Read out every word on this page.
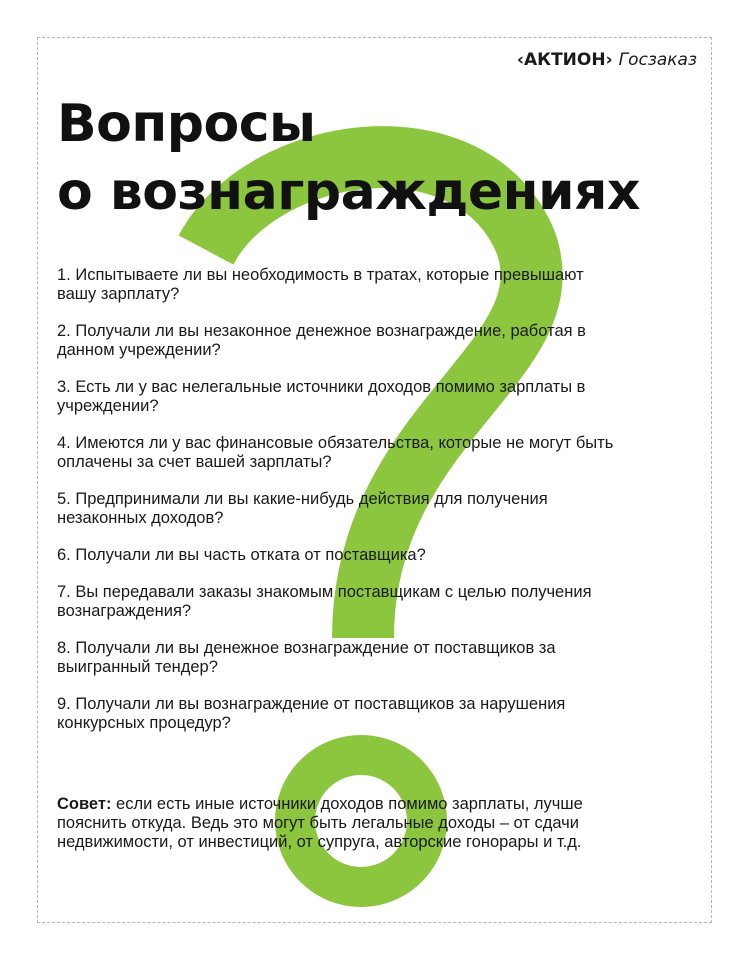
‹АКТИОН› Госзаказ
Вопросы
о вознаграждениях
1. Испытываете ли вы необходимость в тратах, которые превышают вашу зарплату?
2. Получали ли вы незаконное денежное вознаграждение, работая в данном учреждении?
3. Есть ли у вас нелегальные источники доходов помимо зарплаты в учреждении?
4. Имеются ли у вас финансовые обязательства, которые не могут быть оплачены за счет вашей зарплаты?
5. Предпринимали ли вы какие-нибудь действия для получения незаконных доходов?
6. Получали ли вы часть отката от поставщика?
7. Вы передавали заказы знакомым поставщикам с целью получения вознаграждения?
8. Получали ли вы денежное вознаграждение от поставщиков за выигранный тендер?
9. Получали ли вы вознаграждение от поставщиков за нарушения конкурсных процедур?

Совет: если есть иные источники доходов помимо зарплаты, лучше пояснить откуда. Ведь это могут быть легальные доходы – от сдачи недвижимости, от инвестиций, от супруга, авторские гонорары и т.д.
